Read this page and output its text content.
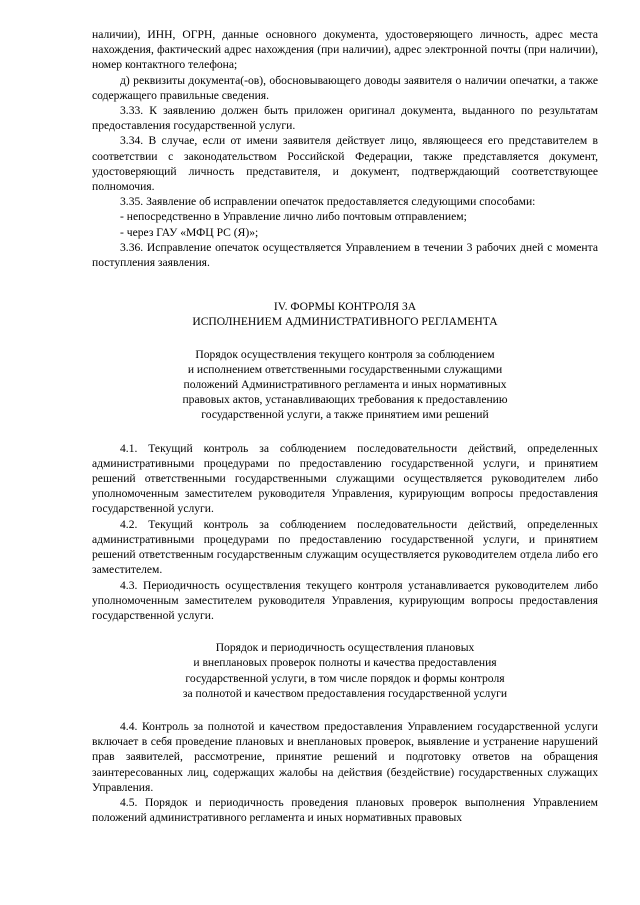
наличии), ИНН, ОГРН, данные основного документа, удостоверяющего личность, адрес места нахождения, фактический адрес нахождения (при наличии), адрес электронной почты (при наличии), номер контактного телефона;

д) реквизиты документа(-ов), обосновывающего доводы заявителя о наличии опечатки, а также содержащего правильные сведения.

3.33. К заявлению должен быть приложен оригинал документа, выданного по результатам предоставления государственной услуги.

3.34. В случае, если от имени заявителя действует лицо, являющееся его представителем в соответствии с законодательством Российской Федерации, также представляется документ, удостоверяющий личность представителя, и документ, подтверждающий соответствующее полномочия.

3.35. Заявление об исправлении опечаток предоставляется следующими способами:

- непосредственно в Управление лично либо почтовым отправлением;

- через ГАУ «МФЦ РС (Я)»;

3.36. Исправление опечаток осуществляется Управлением в течении 3 рабочих дней с момента поступления заявления.

IV. ФОРМЫ КОНТРОЛЯ ЗА

ИСПОЛНЕНИЕМ АДМИНИСТРАТИВНОГО РЕГЛАМЕНТА

Порядок осуществления текущего контроля за соблюдением

и исполнением ответственными государственными служащими

положений Административного регламента и иных нормативных

правовых актов, устанавливающих требования к предоставлению

государственной услуги, а также принятием ими решений

4.1. Текущий контроль за соблюдением последовательности действий, определенных административными процедурами по предоставлению государственной услуги, и принятием решений ответственными государственными служащими осуществляется руководителем либо уполномоченным заместителем руководителя Управления, курирующим вопросы предоставления государственной услуги.

4.2. Текущий контроль за соблюдением последовательности действий, определенных административными процедурами по предоставлению государственной услуги, и принятием решений ответственным государственным служащим осуществляется руководителем отдела либо его заместителем.

4.3. Периодичность осуществления текущего контроля устанавливается руководителем либо уполномоченным заместителем руководителя Управления, курирующим вопросы предоставления государственной услуги.

Порядок и периодичность осуществления плановых

и внеплановых проверок полноты и качества предоставления

государственной услуги, в том числе порядок и формы контроля

за полнотой и качеством предоставления государственной услуги

4.4. Контроль за полнотой и качеством предоставления Управлением государственной услуги включает в себя проведение плановых и внеплановых проверок, выявление и устранение нарушений прав заявителей, рассмотрение, принятие решений и подготовку ответов на обращения заинтересованных лиц, содержащих жалобы на действия (бездействие) государственных служащих Управления.

4.5. Порядок и периодичность проведения плановых проверок выполнения Управлением положений административного регламента и иных нормативных правовых
